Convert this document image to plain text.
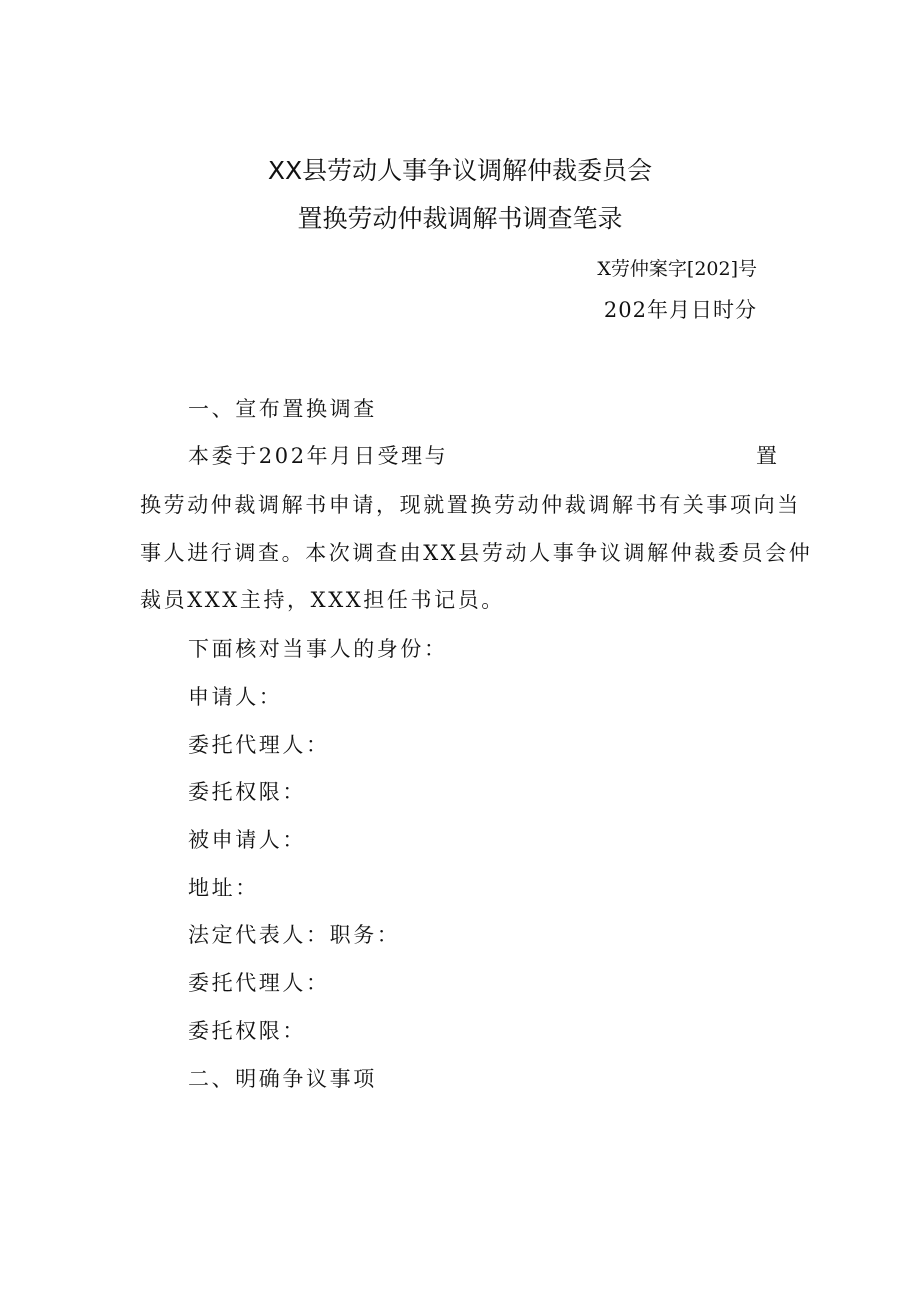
XX县劳动人事争议调解仲裁委员会
置换劳动仲裁调解书调查笔录
X劳仲案字[202]号
202年月日时分
一、宣布置换调查
本委于202年月日受理与	置
换劳动仲裁调解书申请，现就置换劳动仲裁调解书有关事项向当
事人进行调查。本次调查由XX县劳动人事争议调解仲裁委员会仲
裁员XXX主持，XXX担任书记员。
下面核对当事人的身份：
申请人：
委托代理人：
委托权限：
被申请人：
地址：
法定代表人：职务：
委托代理人：
委托权限：
二、明确争议事项
